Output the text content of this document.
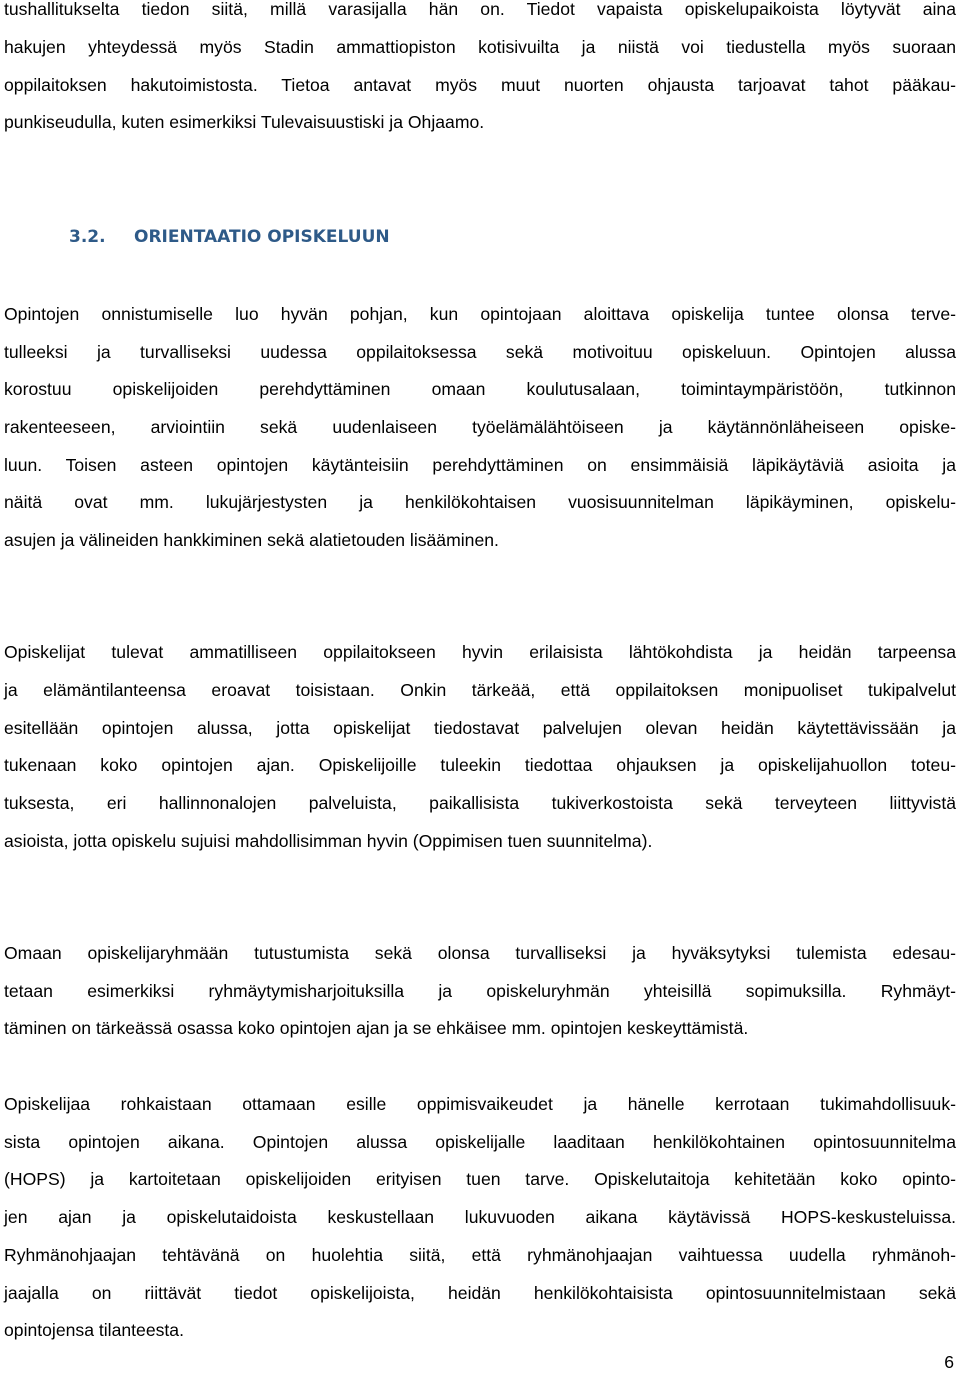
tushallitukselta tiedon siitä, millä varasijalla hän on. Tiedot vapaista opiskelupaikoista löytyvät aina
hakujen yhteydessä myös Stadin ammattiopiston kotisivuilta ja niistä voi tiedustella myös suoraan
oppilaitoksen hakutoimistosta. Tietoa antavat myös muut nuorten ohjausta tarjoavat tahot pääkau-
punkiseudulla, kuten esimerkiksi Tulevaisuustiski ja Ohjaamo.
3.2. ORIENTAATIO OPISKELUUN
Opintojen onnistumiselle luo hyvän pohjan, kun opintojaan aloittava opiskelija tuntee olonsa terve-
tulleeksi ja turvalliseksi uudessa oppilaitoksessa sekä motivoituu opiskeluun. Opintojen alussa
korostuu opiskelijoiden perehdyttäminen omaan koulutusalaan, toimintaympäristöön, tutkinnon
rakenteeseen, arviointiin sekä uudenlaiseen työelämälähtöiseen ja käytännönläheiseen opiske-
luun. Toisen asteen opintojen käytänteisiin perehdyttäminen on ensimmäisiä läpikäytäviä asioita ja
näitä ovat mm. lukujärjestysten ja henkilökohtaisen vuosisuunnitelman läpikäyminen, opiskelu-
asujen ja välineiden hankkiminen sekä alatietouden lisääminen.
Opiskelijat tulevat ammatilliseen oppilaitokseen hyvin erilaisista lähtökohdista ja heidän tarpeensa
ja elämäntilanteensa eroavat toisistaan. Onkin tärkeää, että oppilaitoksen monipuoliset tukipalvelut
esitellään opintojen alussa, jotta opiskelijat tiedostavat palvelujen olevan heidän käytettävissään ja
tukenaan koko opintojen ajan. Opiskelijoille tuleekin tiedottaa ohjauksen ja opiskelijahuollon toteu-
tuksesta, eri hallinnonalojen palveluista, paikallisista tukiverkostoista sekä terveyteen liittyvistä
asioista, jotta opiskelu sujuisi mahdollisimman hyvin (Oppimisen tuen suunnitelma).
Omaan opiskelijaryhmään tutustumista sekä olonsa turvalliseksi ja hyväksytyksi tulemista edesau-
tetaan esimerkiksi ryhmäytymisharjoituksilla ja opiskeluryhmän yhteisillä sopimuksilla. Ryhmäyt-
täminen on tärkeässä osassa koko opintojen ajan ja se ehkäisee mm. opintojen keskeyttämistä.
Opiskelijaa rohkaistaan ottamaan esille oppimisvaikeudet ja hänelle kerrotaan tukimahdollisuuk-
sista opintojen aikana. Opintojen alussa opiskelijalle laaditaan henkilökohtainen opintosuunnitelma
(HOPS) ja kartoitetaan opiskelijoiden erityisen tuen tarve. Opiskelutaitoja kehitetään koko opinto-
jen ajan ja opiskelutaidoista keskustellaan lukuvuoden aikana käytävissä HOPS-keskusteluissa.
Ryhmänohjaajan tehtävänä on huolehtia siitä, että ryhmänohjaajan vaihtuessa uudella ryhmänoh-
jaajalla on riittävät tiedot opiskelijoista, heidän henkilökohtaisista opintosuunnitelmistaan sekä
opintojensa tilanteesta.
6
